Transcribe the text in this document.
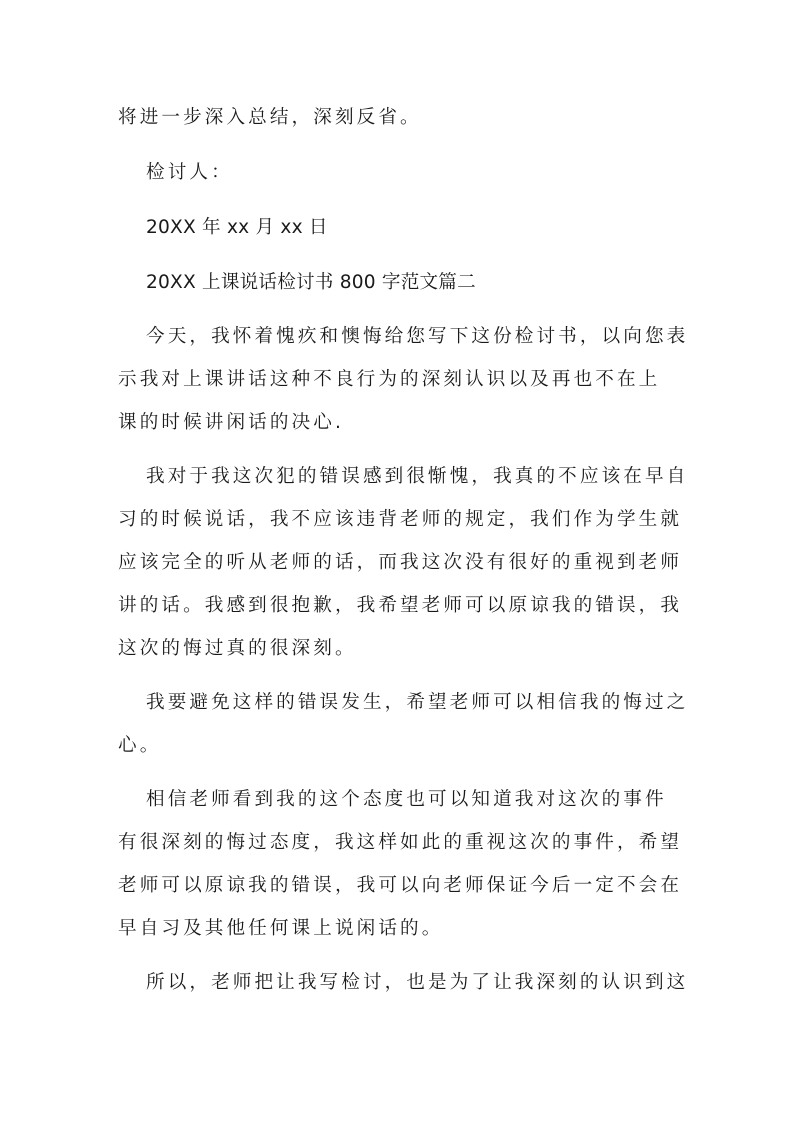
将进一步深入总结，深刻反省。

检讨人：

20XX 年 xx 月 xx 日

20XX 上课说话检讨书 800 字范文篇二

今天，我怀着愧疚和懊悔给您写下这份检讨书，以向您表

示我对上课讲话这种不良行为的深刻认识以及再也不在上

课的时候讲闲话的决心.

我对于我这次犯的错误感到很惭愧，我真的不应该在早自

习的时候说话，我不应该违背老师的规定，我们作为学生就

应该完全的听从老师的话，而我这次没有很好的重视到老师

讲的话。我感到很抱歉，我希望老师可以原谅我的错误，我

这次的悔过真的很深刻。

我要避免这样的错误发生，希望老师可以相信我的悔过之

心。

相信老师看到我的这个态度也可以知道我对这次的事件

有很深刻的悔过态度，我这样如此的重视这次的事件，希望

老师可以原谅我的错误，我可以向老师保证今后一定不会在

早自习及其他任何课上说闲话的。

所以，老师把让我写检讨，也是为了让我深刻的认识到这
